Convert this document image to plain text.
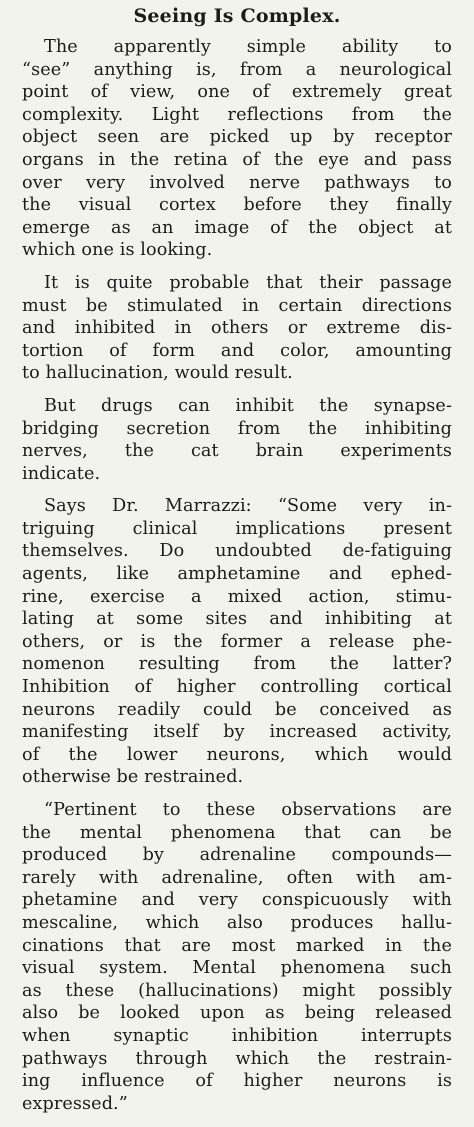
Seeing Is Complex.
The apparently simple ability to
“see” anything is, from a neurological
point of view, one of extremely great
complexity. Light reflections from the
object seen are picked up by receptor
organs in the retina of the eye and pass
over very involved nerve pathways to
the visual cortex before they finally
emerge as an image of the object at
which one is looking.
It is quite probable that their passage
must be stimulated in certain directions
and inhibited in others or extreme dis-
tortion of form and color, amounting
to hallucination, would result.
But drugs can inhibit the synapse-
bridging secretion from the inhibiting
nerves, the cat brain experiments
indicate.
Says Dr. Marrazzi: “Some very in-
triguing clinical implications present
themselves. Do undoubted de-fatiguing
agents, like amphetamine and ephed-
rine, exercise a mixed action, stimu-
lating at some sites and inhibiting at
others, or is the former a release phe-
nomenon resulting from the latter?
Inhibition of higher controlling cortical
neurons readily could be conceived as
manifesting itself by increased activity,
of the lower neurons, which would
otherwise be restrained.
“Pertinent to these observations are
the mental phenomena that can be
produced by adrenaline compounds—
rarely with adrenaline, often with am-
phetamine and very conspicuously with
mescaline, which also produces hallu-
cinations that are most marked in the
visual system. Mental phenomena such
as these (hallucinations) might possibly
also be looked upon as being released
when synaptic inhibition interrupts
pathways through which the restrain-
ing influence of higher neurons is
expressed.”
